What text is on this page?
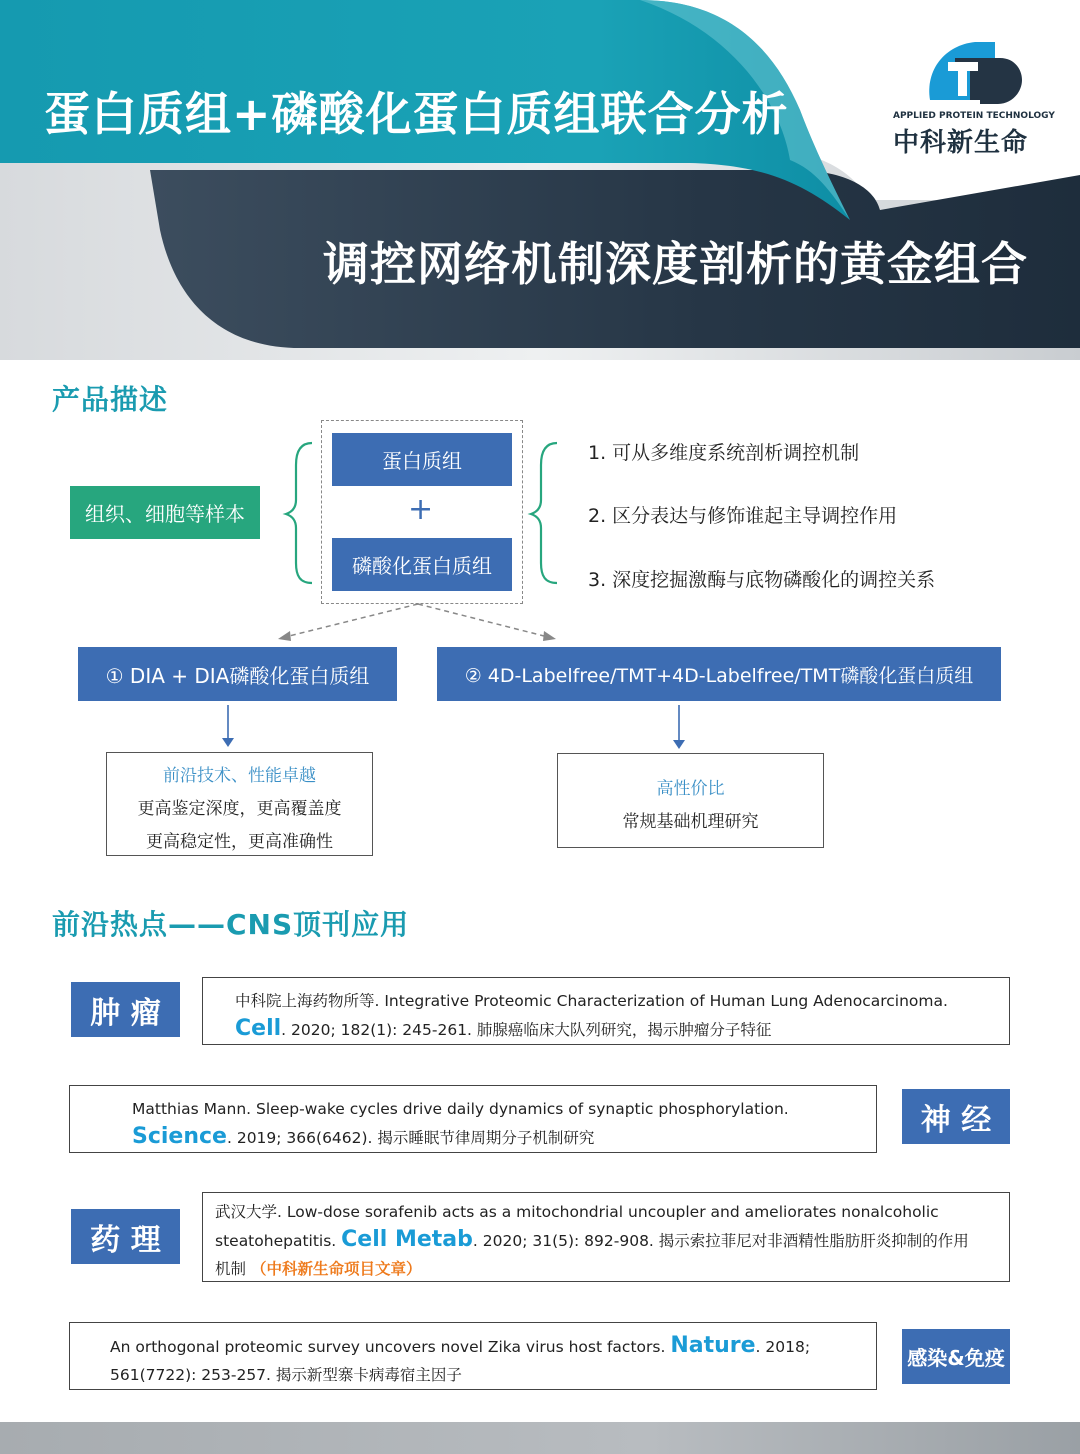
蛋白质组+磷酸化蛋白质组联合分析
调控网络机制深度剖析的黄金组合
APPLIED PROTEIN TECHNOLOGY
中科新生命
产品描述
组织、细胞等样本
蛋白质组
+
磷酸化蛋白质组
1. 可从多维度系统剖析调控机制
2. 区分表达与修饰谁起主导调控作用
3. 深度挖掘激酶与底物磷酸化的调控关系
① DIA + DIA磷酸化蛋白质组	② 4D-Labelfree/TMT+4D-Labelfree/TMT磷酸化蛋白质组
前沿技术、性能卓越
更高鉴定深度，更高覆盖度
更高稳定性，更高准确性
高性价比
常规基础机理研究
前沿热点——CNS顶刊应用
肿 瘤	中科院上海药物所等. Integrative Proteomic Characterization of Human Lung Adenocarcinoma.
Cell. 2020; 182(1): 245-261. 肺腺癌临床大队列研究，揭示肿瘤分子特征
Matthias Mann. Sleep-wake cycles drive daily dynamics of synaptic phosphorylation.
Science. 2019; 366(6462). 揭示睡眠节律周期分子机制研究
神 经
药 理
武汉大学. Low-dose sorafenib acts as a mitochondrial uncoupler and ameliorates nonalcoholic
steatohepatitis. Cell Metab. 2020; 31(5): 892-908. 揭示索拉菲尼对非酒精性脂肪肝炎抑制的作用
机制 （中科新生命项目文章）
An orthogonal proteomic survey uncovers novel Zika virus host factors. Nature. 2018;
561(7722): 253-257. 揭示新型寨卡病毒宿主因子
感染&免疫
